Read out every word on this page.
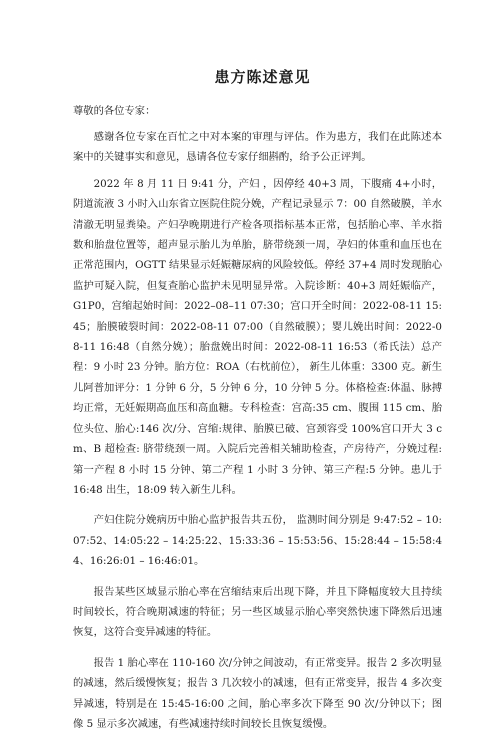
患方陈述意见
尊敬的各位专家：

感谢各位专家在百忙之中对本案的审理与评估。作为患方，我们在此陈述本案中的关键事实和意见，恳请各位专家仔细斟酌，给予公正评判。

2022 年 8 月 11 日 9:41 分，产妇 ，因停经 40+3 周，下腹痛 4+小时，阴道流液 3 小时入山东省立医院住院分娩，产程记录显示 7：00 自然破膜，羊水清澈无明显粪染。产妇孕晚期进行产检各项指标基本正常，包括胎心率、羊水指数和胎盘位置等，超声显示胎儿为单胎，脐带绕颈一周，孕妇的体重和血压也在正常范围内，OGTT 结果显示妊娠糖尿病的风险较低。停经 37+4 周时发现胎心监护可疑入院，但复查胎心监护未见明显异常。入院诊断：40+3 周妊娠临产，G1P0，宫缩起始时间：2022–08–11 07:30；宫口开全时间：2022-08-11 15:45；胎膜破裂时间：2022-08-11 07:00（自然破膜）；婴儿娩出时间：2022-08-11 16:48（自然分娩）；胎盘娩出时间：2022-08-11 16:53（希氏法）总产程：9 小时 23 分钟。胎方位：ROA（右枕前位）， 新生儿体重：3300 克。新生儿阿普加评分：1 分钟 6 分，5 分钟 6 分，10 分钟 5 分。体格检查:体温、脉搏均正常，无妊娠期高血压和高血糖。专科检查：宫高:35 cm、腹围 115 cm、胎位头位、胎心:146 次/分、宫缩:规律、胎膜已破、宫颈容受 100%宫口开大 3 cm、B 超检查: 脐带绕颈一周。入院后完善相关辅助检查，产房待产，分娩过程:第一产程 8 小时 15 分钟、第二产程 1 小时 3 分钟、第三产程:5 分钟。患儿于 16:48 出生，18:09 转入新生儿科。

产妇住院分娩病历中胎心监护报告共五份， 监测时间分别是 9:47:52 – 10:07:52、14:05:22 – 14:25:22、15:33:36 – 15:53:56、15:28:44 – 15:58:44、16:26:01 – 16:46:01。

报告某些区域显示胎心率在宫缩结束后出现下降，并且下降幅度较大且持续时间较长，符合晚期减速的特征；另一些区域显示胎心率突然快速下降然后迅速恢复，这符合变异减速的特征。

报告 1 胎心率在 110-160 次/分钟之间波动，有正常变异。报告 2 多次明显的减速，然后缓慢恢复；报告 3 几次较小的减速，但有正常变异，报告 4 多次变异减速，特别是在 15:45-16:00 之间，胎心率多次下降至 90 次/分钟以下；图像 5 显示多次减速，有些减速持续时间较长且恢复缓慢。
